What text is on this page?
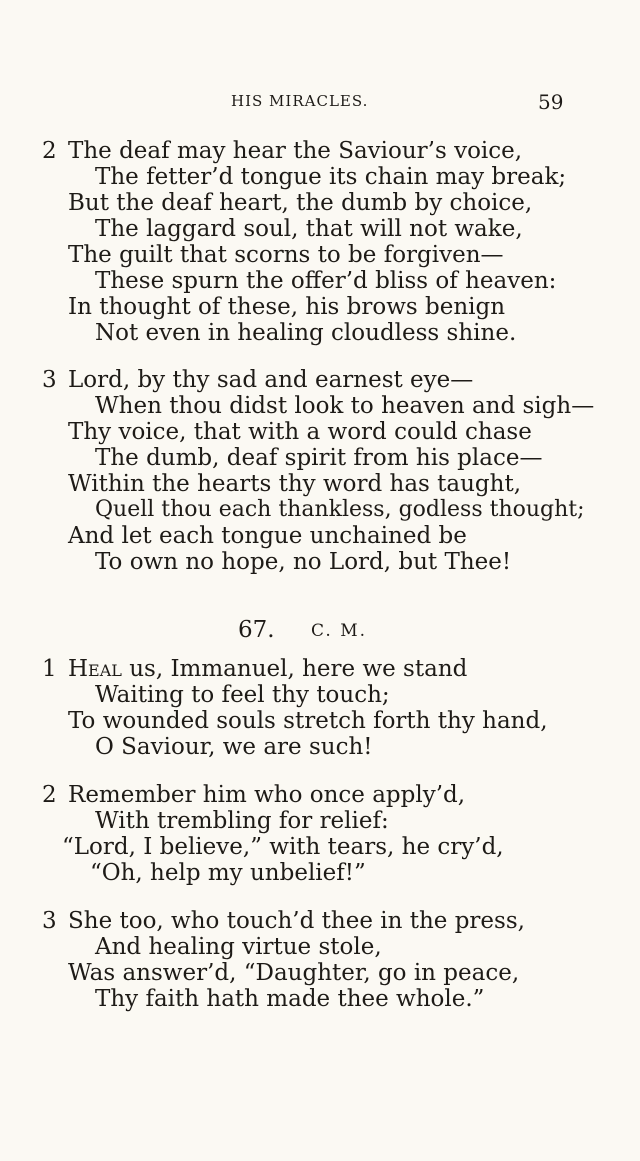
HIS MIRACLES.	59
2 The deaf may hear the Saviour’s voice,
The fetter’d tongue its chain may break;
But the deaf heart, the dumb by choice,
The laggard soul, that will not wake,
The guilt that scorns to be forgiven—
These spurn the offer’d bliss of heaven:
In thought of these, his brows benign
Not even in healing cloudless shine.
3 Lord, by thy sad and earnest eye—
When thou didst look to heaven and sigh—
Thy voice, that with a word could chase
The dumb, deaf spirit from his place—
Within the hearts thy word has taught,
Quell thou each thankless, godless thought;
And let each tongue unchained be
To own no hope, no Lord, but Thee!
67. C. M.
1 Heal us, Immanuel, here we stand
Waiting to feel thy touch;
To wounded souls stretch forth thy hand,
O Saviour, we are such!
2 Remember him who once apply’d,
With trembling for relief:
“Lord, I believe,” with tears, he cry’d,
“Oh, help my unbelief!”
3 She too, who touch’d thee in the press,
And healing virtue stole,
Was answer’d, “Daughter, go in peace,
Thy faith hath made thee whole.”
